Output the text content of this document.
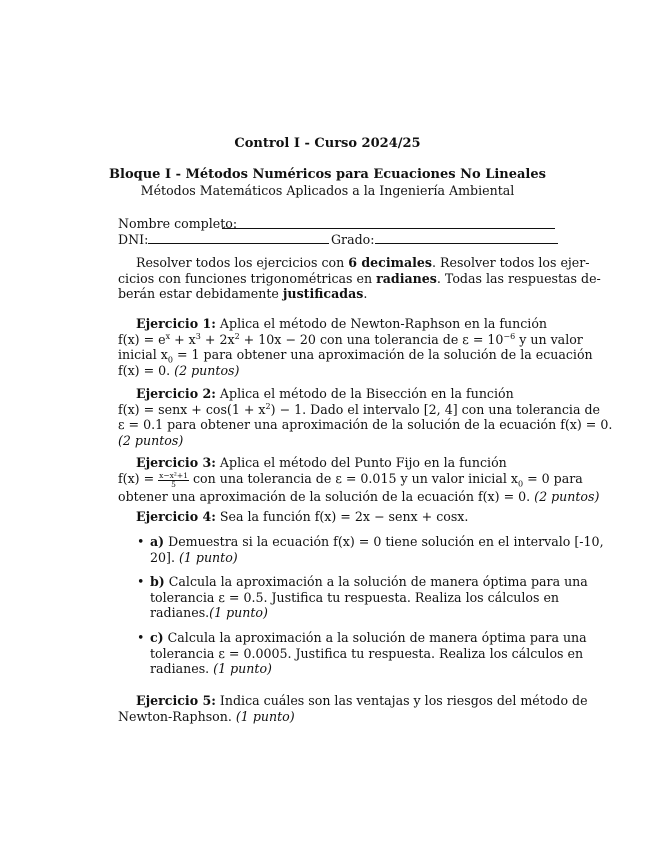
Control I - Curso 2024/25
Bloque I - Métodos Numéricos para Ecuaciones No Lineales
Métodos Matemáticos Aplicados a la Ingeniería Ambiental
Nombre completo:
DNI:	Grado:
Resolver todos los ejercicios con 6 decimales. Resolver todos los ejer-
cicios con funciones trigonométricas en radianes. Todas las respuestas de-
berán estar debidamente justificadas.
Ejercicio 1: Aplica el método de Newton-Raphson en la función
$f(x) = e^x + x^3 + 2x^2 + 10x - 20$ con una tolerancia de $\varepsilon = 10^{-6}$ y un valor
inicial $x_0 = 1$ para obtener una aproximación de la solución de la ecuación
f(x) = 0. (2 puntos)
Ejercicio 2: Aplica el método de la Bisección en la función
f(x) = senx + $\cos(1 + x^2) - 1$. Dado el intervalo [2, 4] con una tolerancia de
ε = 0.1 para obtener una aproximación de la solución de la ecuación f(x) = 0.
(2 puntos)
Ejercicio 3: Aplica el método del Punto Fijo en la función
$f(x) = \frac{\text{x−x²+1}}{5}$ con una tolerancia de ε = 0.015 y un valor inicial $x_0 = 0$ para
obtener una aproximación de la solución de la ecuación f(x) = 0. (2 puntos)
Ejercicio 4: Sea la función f(x) = 2x − senx + cosx.
• a) Demuestra si la ecuación f(x) = 0 tiene solución en el intervalo [-10,
20]. (1 punto)
• b) Calcula la aproximación a la solución de manera óptima para una
tolerancia ε = 0.5. Justifica tu respuesta. Realiza los cálculos en
radianes.(1 punto)
• c) Calcula la aproximación a la solución de manera óptima para una
tolerancia ε = 0.0005. Justifica tu respuesta. Realiza los cálculos en
radianes. (1 punto)
Ejercicio 5: Indica cuáles son las ventajas y los riesgos del método de
Newton-Raphson. (1 punto)
